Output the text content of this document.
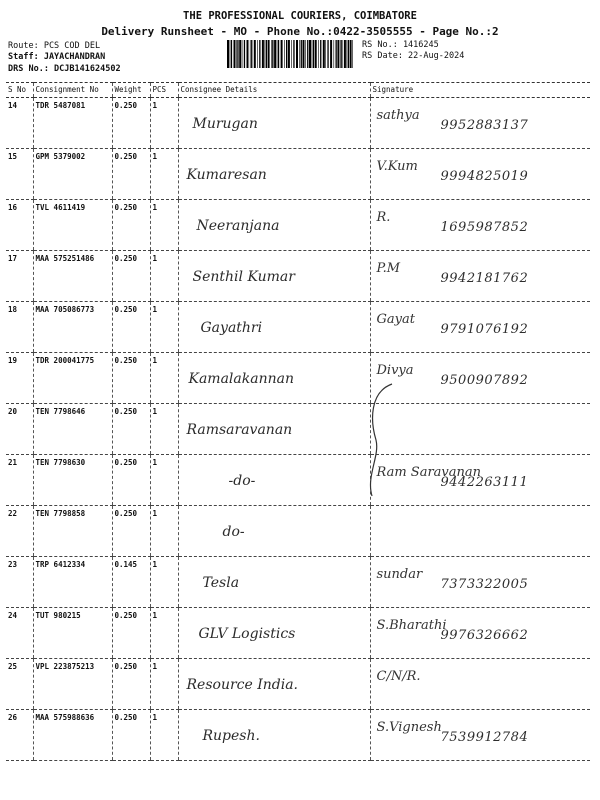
THE PROFESSIONAL COURIERS, COIMBATORE
Delivery Runsheet - MO - Phone No.:0422-3505555 - Page No.:2
Route: PCS COD DEL
Staff: JAYACHANDRAN
DRS No.: DCJB141624502
RS No.: 1416245
RS Date: 22-Aug-2024
S No	Consignment No	Weight	PCS	Consignee Details	Signature
14	TDR 5487081	0.250	1	Murugan	sathya
9952883137

15	GPM 5379002	0.250	1	Kumaresan	V.Kum
9994825019

16	TVL 4611419	0.250	1	Neeranjana	R.
1695987852

17	MAA 575251486	0.250	1	Senthil Kumar	P.M
9942181762

18	MAA 705086773	0.250	1	Gayathri	Gayat
9791076192

19	TDR 200041775	0.250	1	Kamalakannan	Divya
9500907892

20	TEN 7798646	0.250	1	Ramsaravanan	

21	TEN 7798630	0.250	1	-do-	Ram Saravanan
9442263111

22	TEN 7798858	0.250	1	do-	

23	TRP 6412334	0.145	1	Tesla	sundar
7373322005

24	TUT 980215	0.250	1	GLV Logistics	S.Bharathi
9976326662

25	VPL 223875213	0.250	1	Resource India.	C/N/R.

26	MAA 575988636	0.250	1	Rupesh.	S.Vignesh
7539912784
